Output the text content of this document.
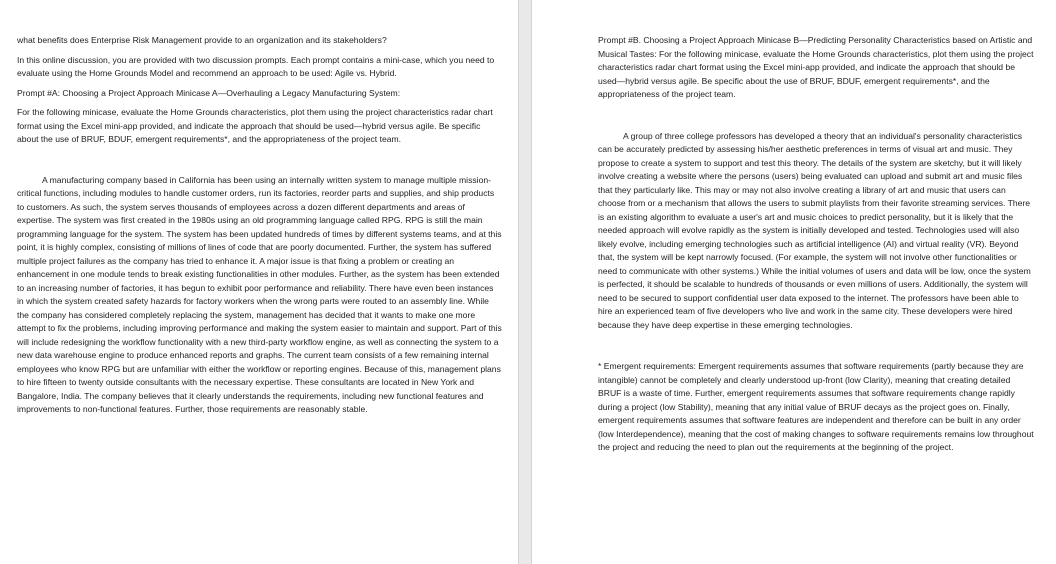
what benefits does Enterprise Risk Management provide to an organization and its stakeholders?

In this online discussion, you are provided with two discussion prompts. Each prompt contains a mini-case, which you need to evaluate using the Home Grounds Model and recommend an approach to be used: Agile vs. Hybrid.

Prompt #A: Choosing a Project Approach Minicase A—Overhauling a Legacy Manufacturing System:

For the following minicase, evaluate the Home Grounds characteristics, plot them using the project characteristics radar chart format using the Excel mini-app provided, and indicate the approach that should be used—hybrid versus agile. Be specific about the use of BRUF, BDUF, emergent requirements*, and the appropriateness of the project team.

A manufacturing company based in California has been using an internally written system to manage multiple mission-critical functions, including modules to handle customer orders, run its factories, reorder parts and supplies, and ship products to customers. As such, the system serves thousands of employees across a dozen different departments and areas of expertise. The system was first created in the 1980s using an old programming language called RPG. RPG is still the main programming language for the system. The system has been updated hundreds of times by different systems teams, and at this point, it is highly complex, consisting of millions of lines of code that are poorly documented. Further, the system has suffered multiple project failures as the company has tried to enhance it. A major issue is that fixing a problem or creating an enhancement in one module tends to break existing functionalities in other modules. Further, as the system has been extended to an increasing number of factories, it has begun to exhibit poor performance and reliability. There have even been instances in which the system created safety hazards for factory workers when the wrong parts were routed to an assembly line. While the company has considered completely replacing the system, management has decided that it wants to make one more attempt to fix the problems, including improving performance and making the system easier to maintain and support. Part of this will include redesigning the workflow functionality with a new third-party workflow engine, as well as connecting the system to a new data warehouse engine to produce enhanced reports and graphs. The current team consists of a few remaining internal employees who know RPG but are unfamiliar with either the workflow or reporting engines. Because of this, management plans to hire fifteen to twenty outside consultants with the necessary expertise. These consultants are located in New York and Bangalore, India. The company believes that it clearly understands the requirements, including new functional features and improvements to non-functional features. Further, those requirements are reasonably stable.

Prompt #B. Choosing a Project Approach Minicase B—Predicting Personality Characteristics based on Artistic and Musical Tastes: For the following minicase, evaluate the Home Grounds characteristics, plot them using the project characteristics radar chart format using the Excel mini-app provided, and indicate the approach that should be used—hybrid versus agile. Be specific about the use of BRUF, BDUF, emergent requirements*, and the appropriateness of the project team.

A group of three college professors has developed a theory that an individual's personality characteristics can be accurately predicted by assessing his/her aesthetic preferences in terms of visual art and music. They propose to create a system to support and test this theory. The details of the system are sketchy, but it will likely involve creating a website where the persons (users) being evaluated can upload and submit art and music files that they particularly like. This may or may not also involve creating a library of art and music that users can choose from or a mechanism that allows the users to submit playlists from their favorite streaming services. There is an existing algorithm to evaluate a user's art and music choices to predict personality, but it is likely that the needed approach will evolve rapidly as the system is initially developed and tested. Technologies used will also likely evolve, including emerging technologies such as artificial intelligence (AI) and virtual reality (VR). Beyond that, the system will be kept narrowly focused. (For example, the system will not involve other functionalities or need to communicate with other systems.) While the initial volumes of users and data will be low, once the system is perfected, it should be scalable to hundreds of thousands or even millions of users. Additionally, the system will need to be secured to support confidential user data exposed to the internet. The professors have been able to hire an experienced team of five developers who live and work in the same city. These developers were hired because they have deep expertise in these emerging technologies.

* Emergent requirements: Emergent requirements assumes that software requirements (partly because they are intangible) cannot be completely and clearly understood up-front (low Clarity), meaning that creating detailed BRUF is a waste of time. Further, emergent requirements assumes that software requirements change rapidly during a project (low Stability), meaning that any initial value of BRUF decays as the project goes on. Finally, emergent requirements assumes that software features are independent and therefore can be built in any order (low Interdependence), meaning that the cost of making changes to software requirements remains low throughout the project and reducing the need to plan out the requirements at the beginning of the project.
